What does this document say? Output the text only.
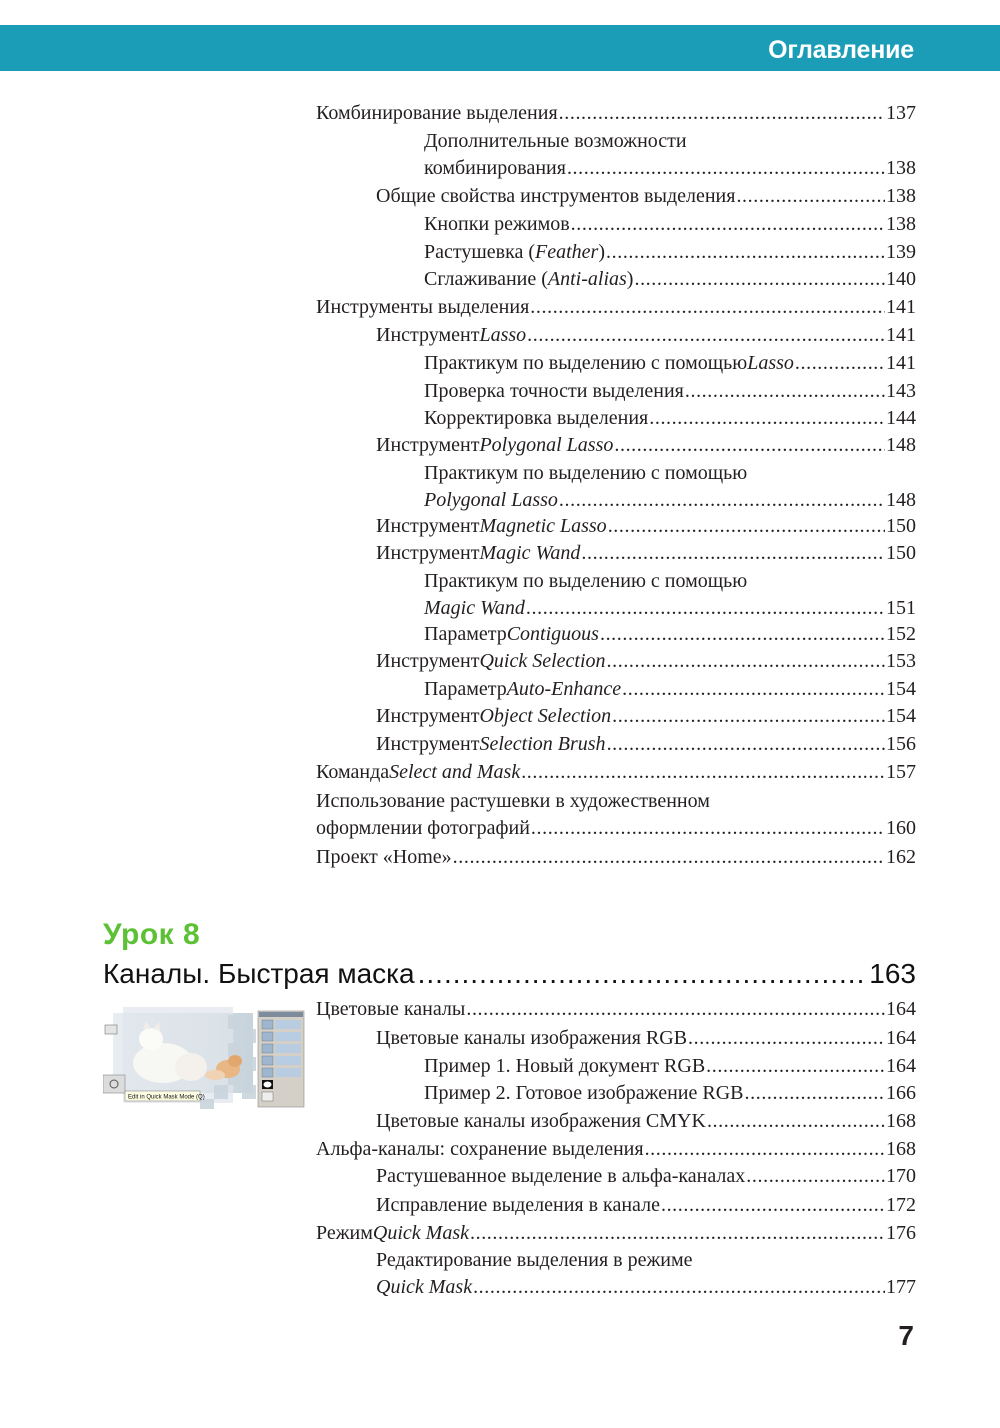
Оглавление
Комбинирование выделения .....	137
Дополнительные возможности
комбинирования .....	138
Общие свойства инструментов выделения .....	138
Кнопки режимов .....	138
Растушевка ( Feather ) .....	139
Сглаживание ( Anti-alias ) .....	140
Инструменты выделения .....	141
Инструмент Lasso .....	141
Практикум по выделению с помощью Lasso .....	141
Проверка точности выделения .....	143
Корректировка выделения .....	144
Инструмент Polygonal Lasso .....	148
Практикум по выделению с помощью
Polygonal Lasso .....	148
Инструмент Magnetic Lasso .....	150
Инструмент Magic Wand .....	150
Практикум по выделению с помощью
Magic Wand .....	151
Параметр Contiguous .....	152
Инструмент Quick Selection .....	153
Параметр Auto-Enhance .....	154
Инструмент Object Selection .....	154
Инструмент Selection Brush .....	156
Команда Select and Mask .....	157
Использование растушевки в художественном
оформлении фотографий .....	160
Проект «Home» .....	162
Цветовые каналы .....	164
Цветовые каналы изображения RGB .....	164
Пример 1. Новый документ RGB .....	164
Пример 2. Готовое изображение RGB .....	166
Цветовые каналы изображения CMYK .....	168
Альфа-каналы: сохранение выделения .....	168
Растушеванное выделение в альфа-каналах .....	170
Исправление выделения в канале .....	172
Режим Quick Mask .....	176
Редактирование выделения в режиме
Quick Mask .....	177
Урок 8
Каналы. Быстрая маска .....	163
Edit in Quick Mask Mode (Q)
7
